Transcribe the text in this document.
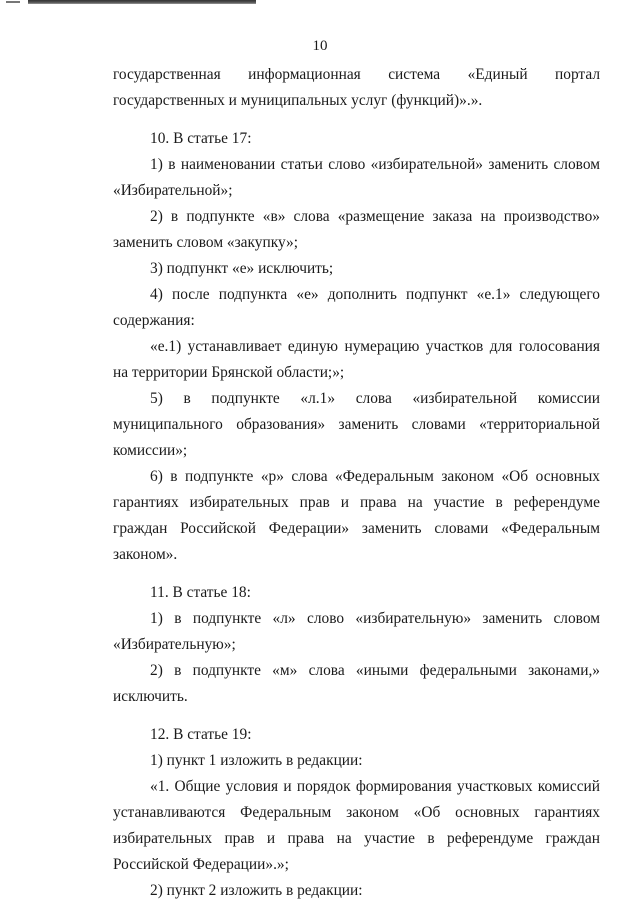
10

государственная информационная система «Единый портал государственных и муниципальных услуг (функций)».».

10. В статье 17:

1) в наименовании статьи слово «избирательной» заменить словом «Избирательной»;

2) в подпункте «в» слова «размещение заказа на производство» заменить словом «закупку»;

3) подпункт «е» исключить;

4) после подпункта «е» дополнить подпункт «е.1» следующего содержания:

«е.1) устанавливает единую нумерацию участков для голосования на территории Брянской области;»;

5) в подпункте «л.1» слова «избирательной комиссии муниципального образования» заменить словами «территориальной комиссии»;

6) в подпункте «р» слова «Федеральным законом «Об основных гарантиях избирательных прав и права на участие в референдуме граждан Российской Федерации» заменить словами «Федеральным законом».

11. В статье 18:

1) в подпункте «л» слово «избирательную» заменить словом «Избирательную»;

2) в подпункте «м» слова «иными федеральными законами,» исключить.

12. В статье 19:

1) пункт 1 изложить в редакции:

«1. Общие условия и порядок формирования участковых комиссий устанавливаются Федеральным законом «Об основных гарантиях избирательных прав и права на участие в референдуме граждан Российской Федерации».»;

2) пункт 2 изложить в редакции:
